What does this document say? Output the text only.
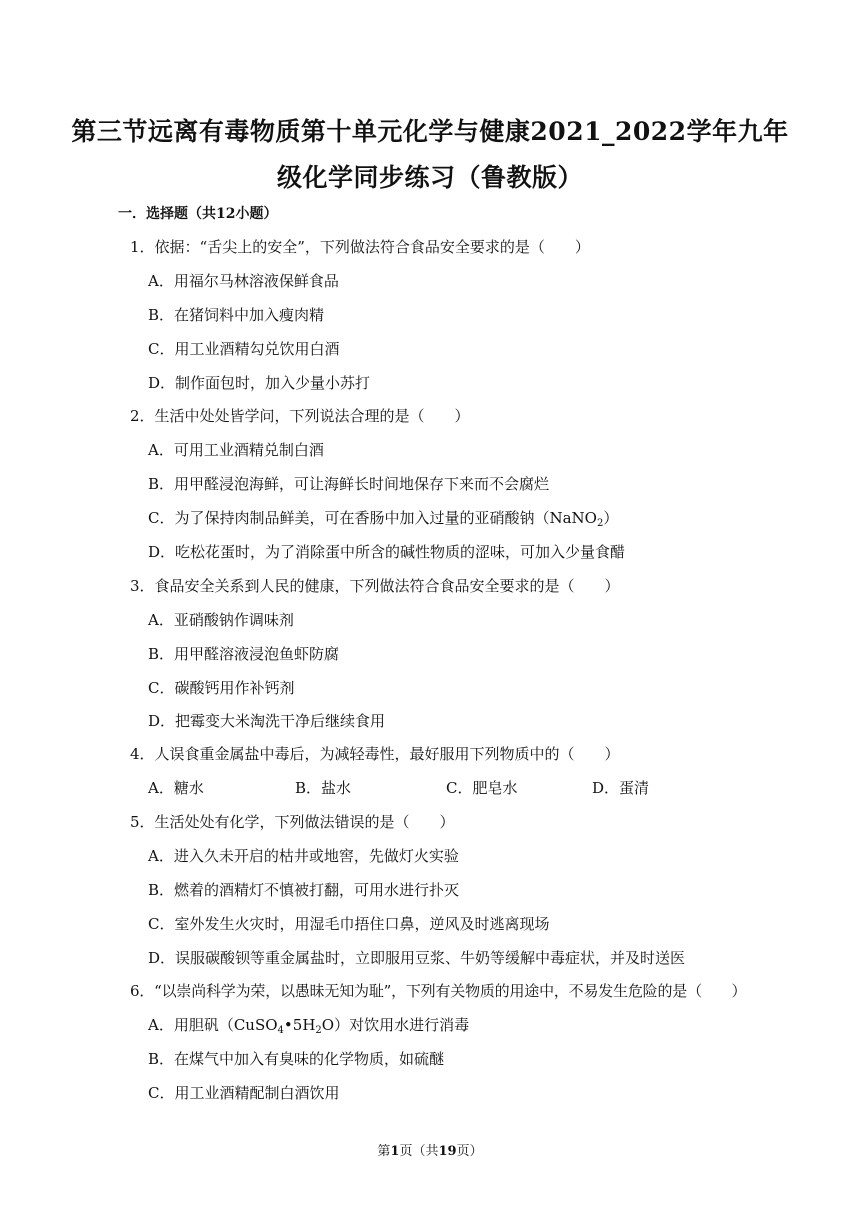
第三节远离有毒物质第十单元化学与健康2021_2022学年九年
级化学同步练习（鲁教版）
一．选择题（共12小题）
1．依据：“舌尖上的安全”，下列做法符合食品安全要求的是（　　）
A．用福尔马林溶液保鲜食品
B．在猪饲料中加入瘦肉精
C．用工业酒精勾兑饮用白酒
D．制作面包时，加入少量小苏打
2．生活中处处皆学问，下列说法合理的是（　　）
A．可用工业酒精兑制白酒
B．用甲醛浸泡海鲜，可让海鲜长时间地保存下来而不会腐烂
C．为了保持肉制品鲜美，可在香肠中加入过量的亚硝酸钠（NaNO$_2$）
D．吃松花蛋时，为了消除蛋中所含的碱性物质的涩味，可加入少量食醋
3．食品安全关系到人民的健康，下列做法符合食品安全要求的是（　　）
A．亚硝酸钠作调味剂
B．用甲醛溶液浸泡鱼虾防腐
C．碳酸钙用作补钙剂
D．把霉变大米淘洗干净后继续食用
4．人误食重金属盐中毒后，为减轻毒性，最好服用下列物质中的（　　）
A．糖水	B．盐水	C．肥皂水	D．蛋清
5．生活处处有化学，下列做法错误的是（　　）
A．进入久未开启的枯井或地窖，先做灯火实验
B．燃着的酒精灯不慎被打翻，可用水进行扑灭
C．室外发生火灾时，用湿毛巾捂住口鼻，逆风及时逃离现场
D．误服碳酸钡等重金属盐时，立即服用豆浆、牛奶等缓解中毒症状，并及时送医
6．“以崇尚科学为荣，以愚昧无知为耻”，下列有关物质的用途中，不易发生危险的是（　　）
A．用胆矾$(CuSO_4•5H_2O)$对饮用水进行消毒
B．在煤气中加入有臭味的化学物质，如硫醚
C．用工业酒精配制白酒饮用
第1页（共19页）
